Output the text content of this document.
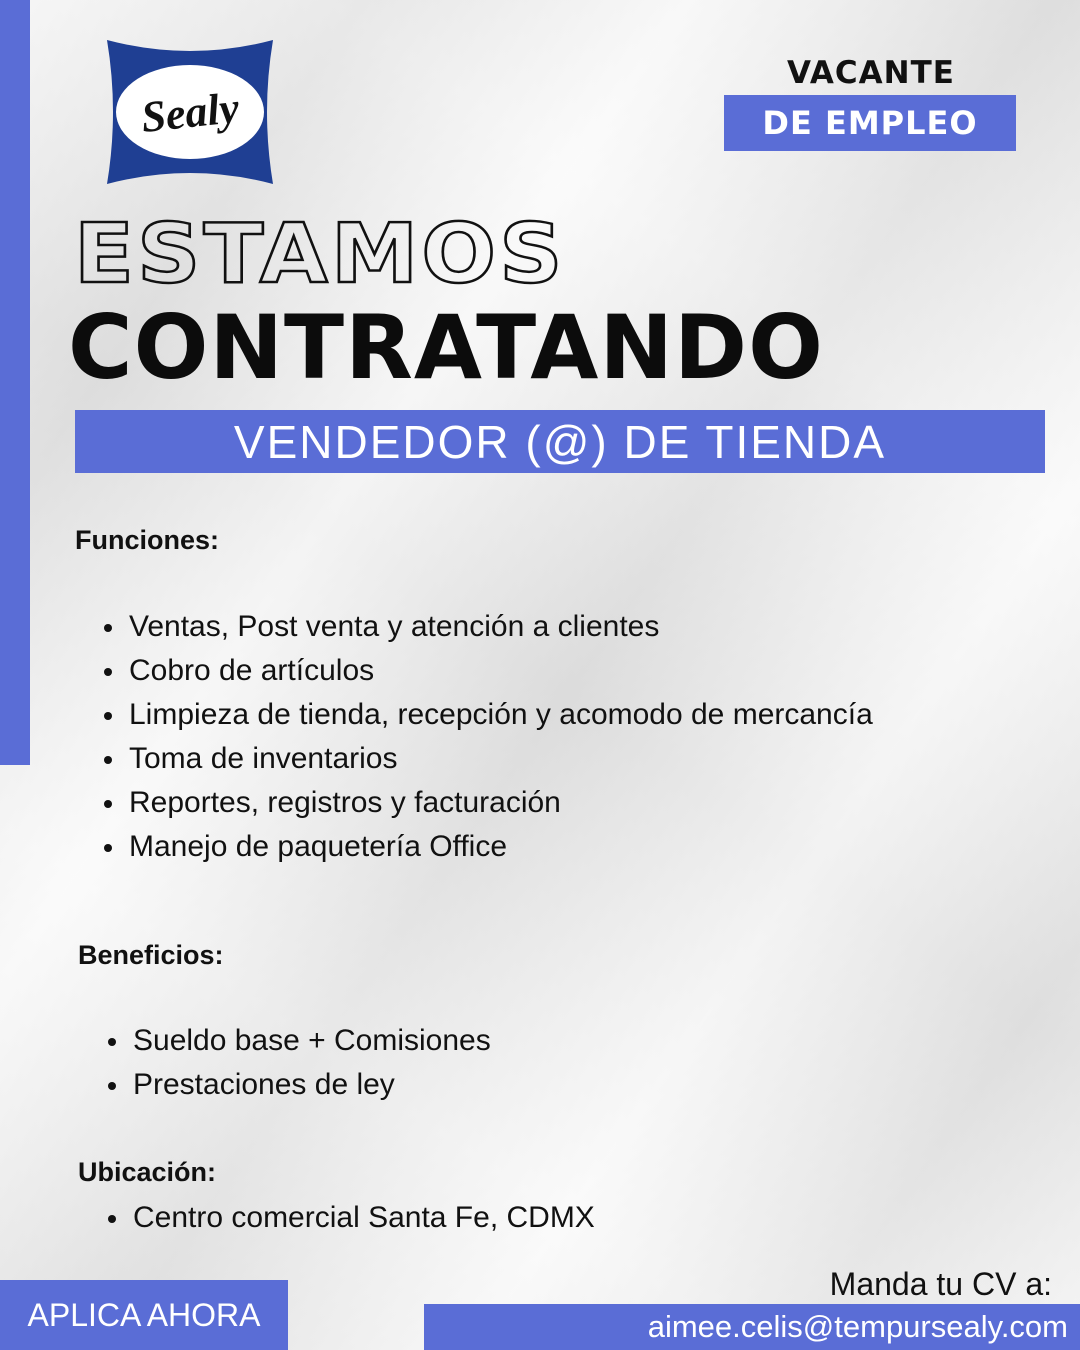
Sealy
VACANTE
DE EMPLEO
ESTAMOS
CONTRATANDO
VENDEDOR (@) DE TIENDA
Funciones:
Ventas, Post venta y atención a clientes
Cobro de artículos
Limpieza de tienda, recepción y acomodo de mercancía
Toma de inventarios
Reportes, registros y facturación
Manejo de paquetería Office
Beneficios:
Sueldo base + Comisiones
Prestaciones de ley
Ubicación:
Centro comercial Santa Fe, CDMX
APLICA AHORA
Manda tu CV a:
aimee.celis@tempursealy.com
